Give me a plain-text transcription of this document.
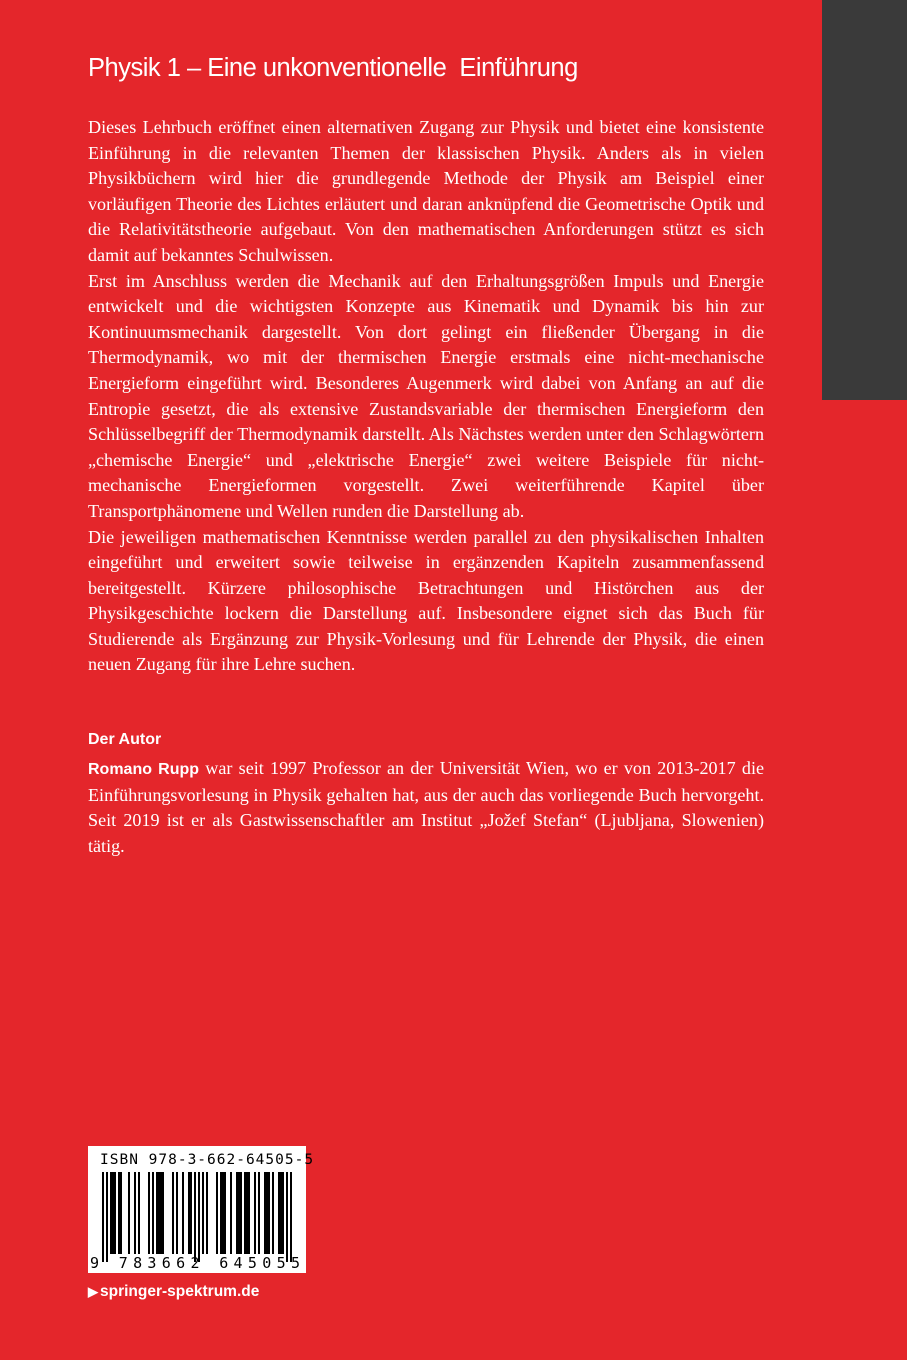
Physik 1 – Eine unkonventionelle  Einführung

Dieses Lehrbuch eröffnet einen alternativen Zugang zur Physik und bietet eine konsistente Einführung in die relevanten Themen der klassischen Physik. Anders als in vielen Physikbüchern wird hier die grundlegende Methode der Physik am Beispiel einer vorläufigen Theorie des Lichtes erläutert und daran anknüpfend die Geometrische Optik und die Relativitätstheorie aufgebaut. Von den mathematischen Anforderungen stützt es sich damit auf bekanntes Schulwissen.

Erst im Anschluss werden die Mechanik auf den Erhaltungsgrößen Impuls und Energie entwickelt und die wichtigsten Konzepte aus Kinematik und Dynamik bis hin zur Kontinuumsmechanik dargestellt. Von dort gelingt ein fließender Übergang in die Thermodynamik, wo mit der thermischen Energie erstmals eine nicht-mechanische Energieform eingeführt wird. Besonderes Augenmerk wird dabei von Anfang an auf die Entropie gesetzt, die als extensive Zustandsvariable der thermischen Energieform den Schlüsselbegriff der Thermodynamik darstellt. Als Nächstes werden unter den Schlagwörtern „chemische Energie“ und „elektrische Energie“ zwei weitere Beispiele für nicht-mechanische Energieformen vorgestellt. Zwei weiterführende Kapitel über Transportphänomene und Wellen runden die Darstellung ab.

Die jeweiligen mathematischen Kenntnisse werden parallel zu den physikalischen Inhalten eingeführt und erweitert sowie teilweise in ergänzenden Kapiteln zusammenfassend bereitgestellt. Kürzere philosophische Betrachtungen und Histörchen aus der Physikgeschichte lockern die Darstellung auf. Insbesondere eignet sich das Buch für Studierende als Ergänzung zur Physik-Vorlesung und für Lehrende der Physik, die einen neuen Zugang für ihre Lehre suchen.

Der Autor
Romano Rupp war seit 1997 Professor an der Universität Wien, wo er von 2013-2017 die Einführungsvorlesung in Physik gehalten hat, aus der auch das vorliegende Buch hervorgeht. Seit 2019 ist er als Gastwissenschaftler am Institut „Jožef Stefan“ (Ljubljana, Slowenien) tätig.
ISBN 978-3-662-64505-5
9 783662 645055
▶ springer-spektrum.de
